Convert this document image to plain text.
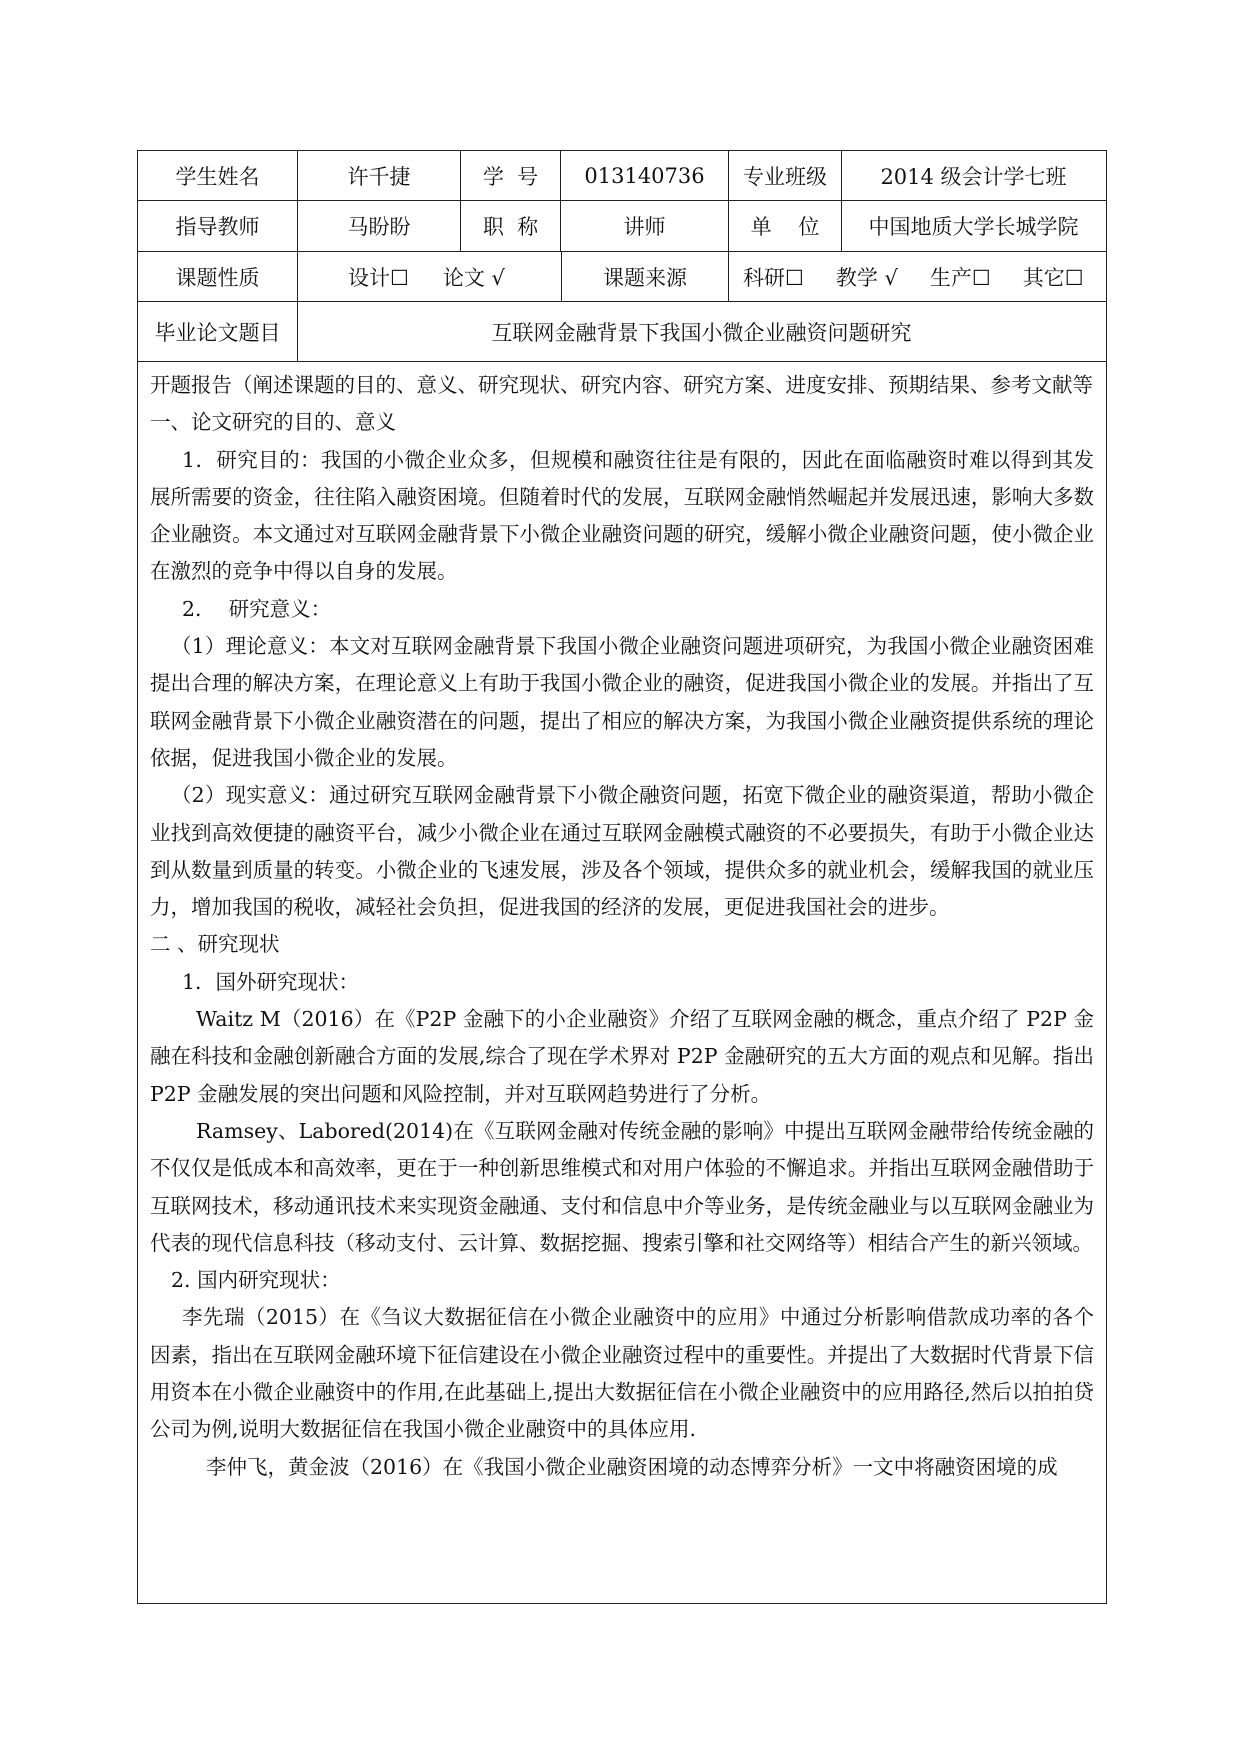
学生姓名	许千捷	学  号	013140736	专业班级	2014 级会计学七班
指导教师	马盼盼	职  称	讲师	单    位	中国地质大学长城学院
课题性质	设计☐ 论文 √	课题来源	科研☐ 教学 √ 生产☐ 其它☐
毕业论文题目	互联网金融背景下我国小微企业融资问题研究

开题报告（阐述课题的目的、意义、研究现状、研究内容、研究方案、进度安排、预期结果、参考文献等

一、论文研究的目的、意义

1．研究目的：我国的小微企业众多，但规模和融资往往是有限的，因此在面临融资时难以得到其发展所需要的资金，往往陷入融资困境。但随着时代的发展，互联网金融悄然崛起并发展迅速，影响大多数企业融资。本文通过对互联网金融背景下小微企业融资问题的研究，缓解小微企业融资问题，使小微企业在激烈的竞争中得以自身的发展。

2．  研究意义：

（1）理论意义：本文对互联网金融背景下我国小微企业融资问题进项研究，为我国小微企业融资困难提出合理的解决方案，在理论意义上有助于我国小微企业的融资，促进我国小微企业的发展。并指出了互联网金融背景下小微企业融资潜在的问题，提出了相应的解决方案，为我国小微企业融资提供系统的理论依据，促进我国小微企业的发展。

（2）现实意义：通过研究互联网金融背景下小微企融资问题，拓宽下微企业的融资渠道，帮助小微企业找到高效便捷的融资平台，减少小微企业在通过互联网金融模式融资的不必要损失，有助于小微企业达到从数量到质量的转变。小微企业的飞速发展，涉及各个领域，提供众多的就业机会，缓解我国的就业压力，增加我国的税收，减轻社会负担，促进我国的经济的发展，更促进我国社会的进步。

二 、研究现状

1．国外研究现状：

Waitz M（2016）在《P2P 金融下的小企业融资》介绍了互联网金融的概念，重点介绍了 P2P 金融在科技和金融创新融合方面的发展,综合了现在学术界对 P2P 金融研究的五大方面的观点和见解。指出 P2P 金融发展的突出问题和风险控制，并对互联网趋势进行了分析。

Ramsey、Labored(2014)在《互联网金融对传统金融的影响》中提出互联网金融带给传统金融的不仅仅是低成本和高效率，更在于一种创新思维模式和对用户体验的不懈追求。并指出互联网金融借助于互联网技术，移动通讯技术来实现资金融通、支付和信息中介等业务，是传统金融业与以互联网金融业为代表的现代信息科技（移动支付、云计算、数据挖掘、搜索引擎和社交网络等）相结合产生的新兴领域。

2. 国内研究现状：

李先瑞（2015）在《刍议大数据征信在小微企业融资中的应用》中通过分析影响借款成功率的各个因素，指出在互联网金融环境下征信建设在小微企业融资过程中的重要性。并提出了大数据时代背景下信用资本在小微企业融资中的作用,在此基础上,提出大数据征信在小微企业融资中的应用路径,然后以拍拍贷公司为例,说明大数据征信在我国小微企业融资中的具体应用.

李仲飞，黄金波（2016）在《我国小微企业融资困境的动态博弈分析》一文中将融资困境的成
